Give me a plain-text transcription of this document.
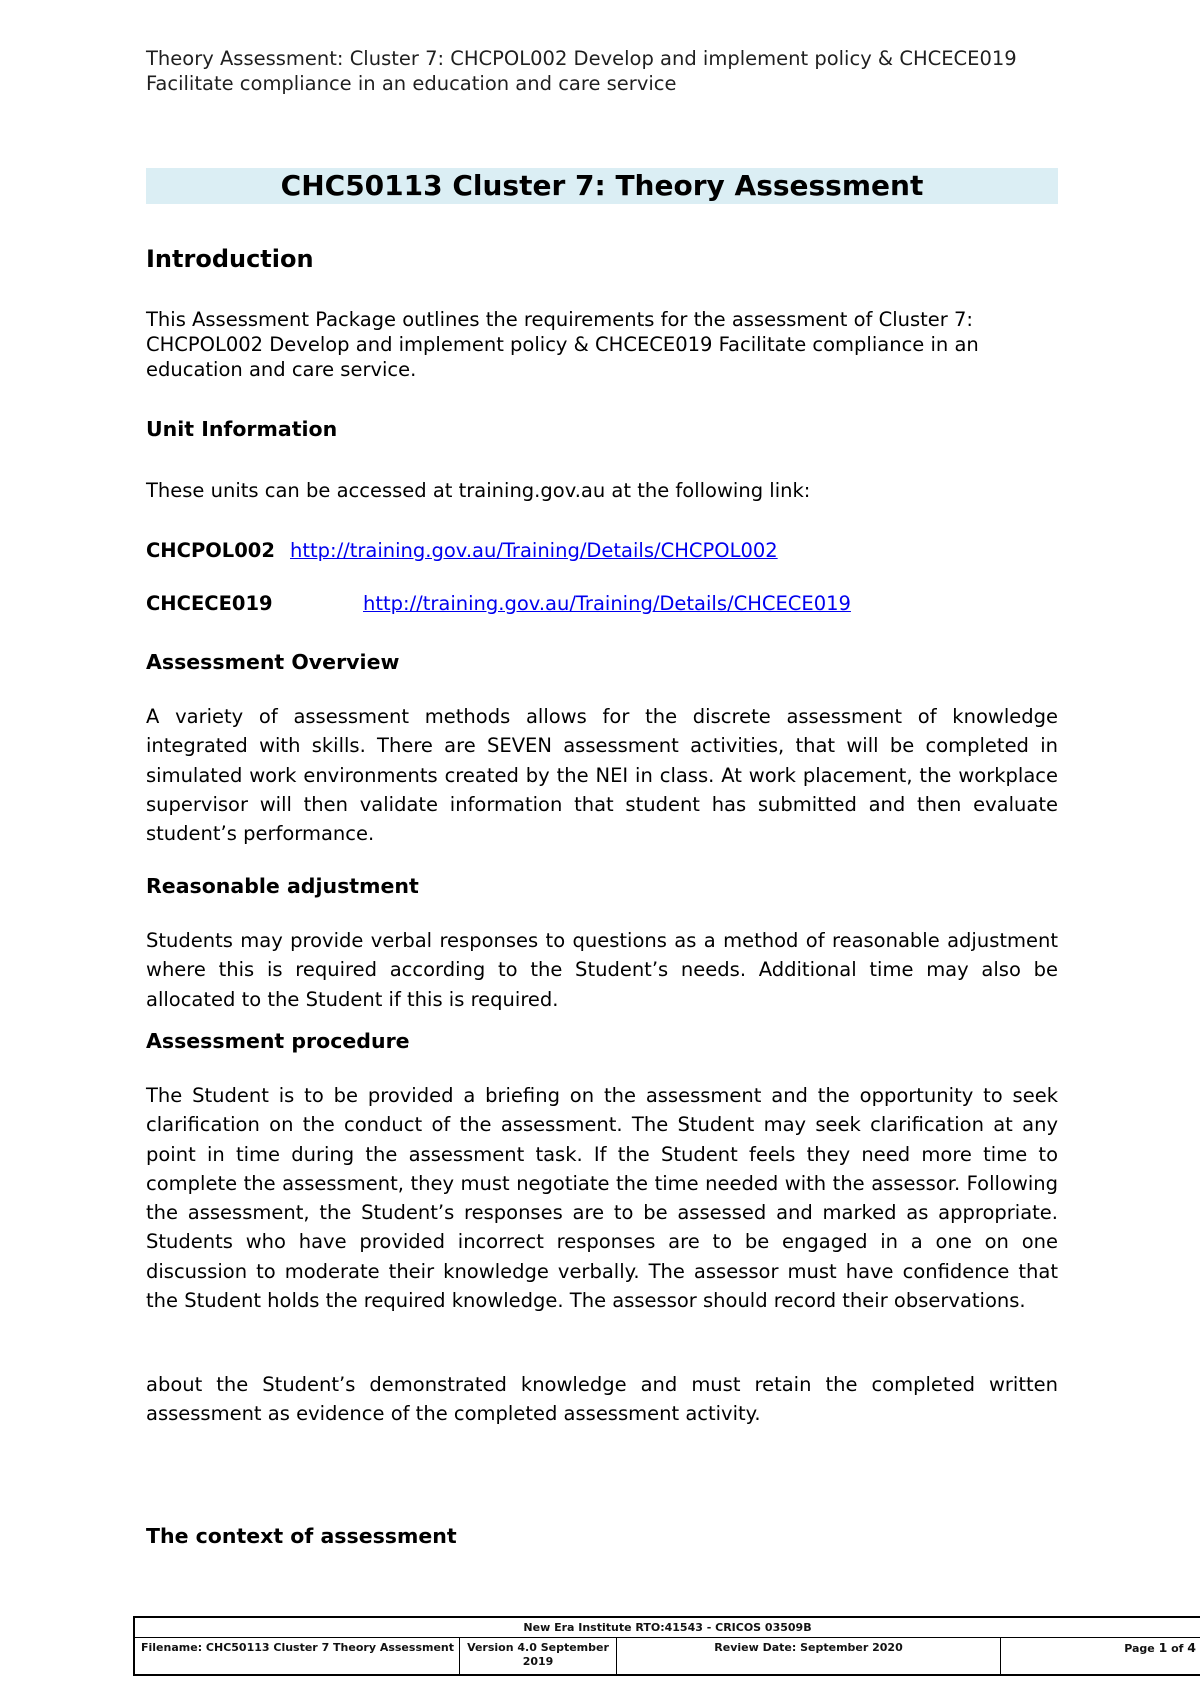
Theory Assessment: Cluster 7: CHCPOL002 Develop and implement policy & CHCECE019
Facilitate compliance in an education and care service
CHC50113 Cluster 7: Theory Assessment
Introduction

This Assessment Package outlines the requirements for the assessment of Cluster 7: CHCPOL002 Develop and implement policy & CHCECE019 Facilitate compliance in an education and care service.

Unit Information

These units can be accessed at training.gov.au at the following link:

CHCPOL002 http://training.gov.au/Training/Details/CHCPOL002
CHCECE019	http://training.gov.au/Training/Details/CHCECE019
Assessment Overview

A variety of assessment methods allows for the discrete assessment of knowledge integrated with skills. There are SEVEN assessment activities, that will be completed in simulated work environments created by the NEI in class. At work placement, the workplace supervisor will then validate information that student has submitted and then evaluate student’s performance.

Reasonable adjustment

Students may provide verbal responses to questions as a method of reasonable adjustment where this is required according to the Student’s needs. Additional time may also be allocated to the Student if this is required.

Assessment procedure

The Student is to be provided a briefing on the assessment and the opportunity to seek clarification on the conduct of the assessment. The Student may seek clarification at any point in time during the assessment task. If the Student feels they need more time to complete the assessment, they must negotiate the time needed with the assessor. Following the assessment, the Student’s responses are to be assessed and marked as appropriate. Students who have provided incorrect responses are to be engaged in a one on one discussion to moderate their knowledge verbally. The assessor must have confidence that the Student holds the required knowledge. The assessor should record their observations.

about the Student’s demonstrated knowledge and must retain the completed written assessment as evidence of the completed assessment activity.

The context of assessment
New Era Institute RTO:41543 - CRICOS 03509B
Filename: CHC50113 Cluster 7 Theory Assessment	Version 4.0 September 2019
Review Date: September 2020	Page 1 of 4
